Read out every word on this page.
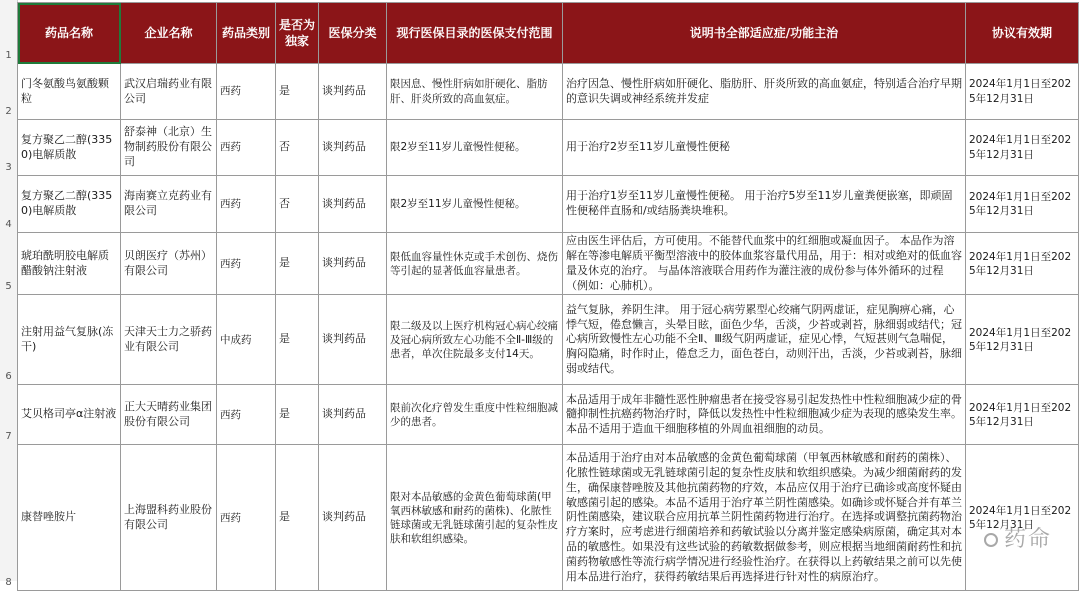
1
2
3
4
5
6
7
8
药品名称	企业名称	药品类别	是否为独家	医保分类	现行医保目录的医保支付范围	说明书全部适应症/功能主治	协议有效期
门冬氨酸鸟氨酸颗粒	武汉启瑞药业有限公司	西药	是	谈判药品	限因息、慢性肝病如肝硬化、脂肪肝、肝炎所致的高血氨症。	治疗因急、慢性肝病如肝硬化、脂肪肝、肝炎所致的高血氨症，特别适合治疗早期的意识失调或神经系统并发症	2024年1月1日至2025年12月31日
复方聚乙二醇(3350)电解质散	舒泰神（北京）生物制药股份有限公司	西药	否	谈判药品	限2岁至11岁儿童慢性便秘。	用于治疗2岁至11岁儿童慢性便秘	2024年1月1日至2025年12月31日
复方聚乙二醇(3350)电解质散	海南赛立克药业有限公司	西药	否	谈判药品	限2岁至11岁儿童慢性便秘。	用于治疗1岁至11岁儿童慢性便秘。 用于治疗5岁至11岁儿童粪便嵌塞，即顽固性便秘伴直肠和/或结肠粪块堆积。	2024年1月1日至2025年12月31日
琥珀酰明胶电解质醋酸钠注射液	贝朗医疗（苏州）有限公司	西药	是	谈判药品	限低血容量性休克或手术创伤、烧伤等引起的显著低血容量患者。	应由医生评估后，方可使用。不能替代血浆中的红细胞或凝血因子。 本品作为溶解在等渗电解质平衡型溶液中的胶体血浆容量代用品，用于：相对或绝对的低血容量及休克的治疗。 与晶体溶液联合用药作为灌注液的成份参与体外循环的过程（例如：心肺机）。	2024年1月1日至2025年12月31日
注射用益气复脉(冻干)	天津天士力之骄药业有限公司	中成药	是	谈判药品	限二级及以上医疗机构冠心病心绞痛及冠心病所致左心功能不全Ⅱ-Ⅲ级的患者，单次住院最多支付14天。	益气复脉，养阴生津。 用于冠心病劳累型心绞痛气阴两虚证，症见胸痹心痛，心悸气短，倦怠懒言，头晕目眩，面色少华，舌淡，少苔或剥苔，脉细弱或结代；冠心病所致慢性左心功能不全Ⅱ、Ⅲ级气阴两虚证，症见心悸，气短甚则气急喘促，胸闷隐痛，时作时止，倦怠乏力，面色苍白，动则汗出，舌淡，少苔或剥苔，脉细弱或结代。	2024年1月1日至2025年12月31日
艾贝格司亭α注射液	正大天晴药业集团股份有限公司	西药	是	谈判药品	限前次化疗曾发生重度中性粒细胞减少的患者。	本品适用于成年非髓性恶性肿瘤患者在接受容易引起发热性中性粒细胞减少症的骨髓抑制性抗癌药物治疗时，降低以发热性中性粒细胞减少症为表现的感染发生率。本品不适用于造血干细胞移植的外周血祖细胞的动员。	2024年1月1日至2025年12月31日
康替唑胺片	上海盟科药业股份有限公司	西药	是	谈判药品	限对本品敏感的金黄色葡萄球菌(甲氧西林敏感和耐药的菌株)、化脓性链球菌或无乳链球菌引起的复杂性皮肤和软组织感染。	本品适用于治疗由对本品敏感的金黄色葡萄球菌（甲氧西林敏感和耐药的菌株）、化脓性链球菌或无乳链球菌引起的复杂性皮肤和软组织感染。为减少细菌耐药的发生，确保康替唑胺及其他抗菌药物的疗效，本品应仅用于治疗已确诊或高度怀疑由敏感菌引起的感染。本品不适用于治疗革兰阴性菌感染。如确诊或怀疑合并有革兰阴性菌感染，建议联合应用抗革兰阴性菌药物进行治疗。在选择或调整抗菌药物治疗方案时，应考虑进行细菌培养和药敏试验以分离并鉴定感染病原菌，确定其对本品的敏感性。如果没有这些试验的药敏数据做参考，则应根据当地细菌耐药性和抗菌药物敏感性等流行病学情况进行经验性治疗。在获得以上药敏结果之前可以先使用本品进行治疗，获得药敏结果后再选择进行针对性的病原治疗。	2024年1月1日至2025年12月31日
药命
